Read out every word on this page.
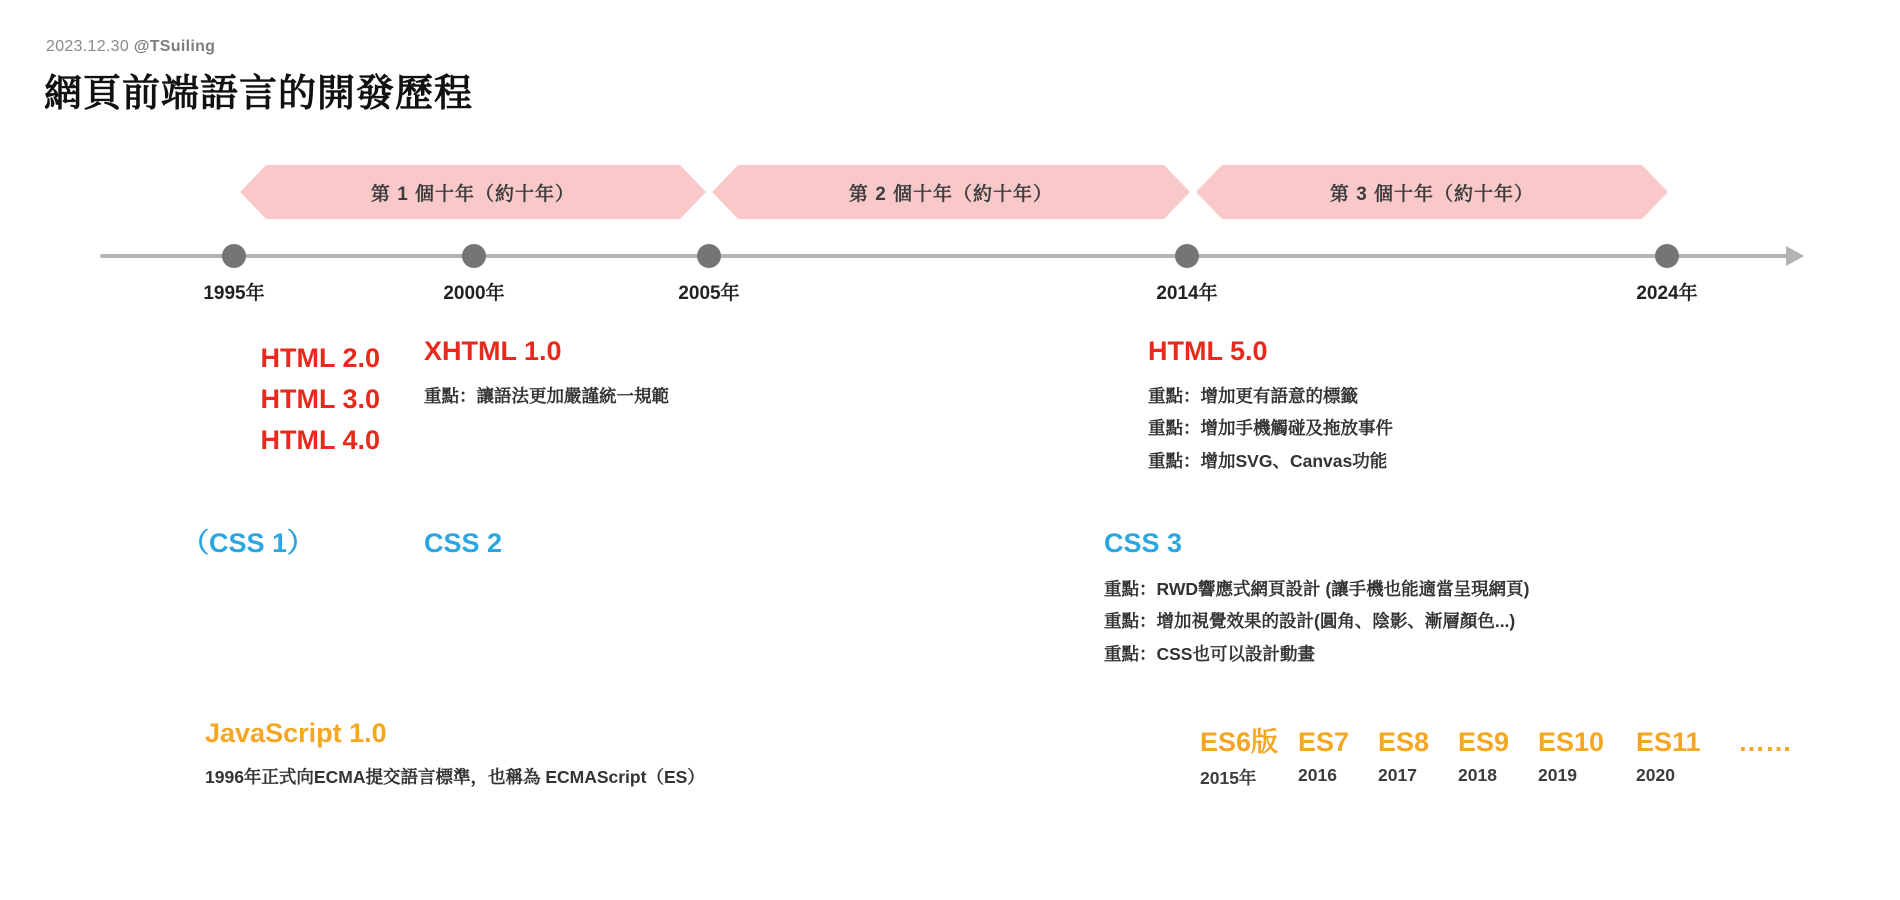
2023.12.30 @TSuiling
網頁前端語言的開發歷程
第 1 個十年（約十年）	第 2 個十年（約十年）	第 3 個十年（約十年）
1995年	2000年	2005年	2014年	2024年
HTML 2.0
HTML 3.0
HTML 4.0
XHTML 1.0
重點：讓語法更加嚴謹統一規範
HTML 5.0
重點：增加更有語意的標籤
重點：增加手機觸碰及拖放事件
重點：增加SVG、Canvas功能
（CSS 1）	CSS 2	CSS 3
重點：RWD響應式網頁設計 (讓手機也能適當呈現網頁)
重點：增加視覺效果的設計(圓角、陰影、漸層顏色...)
重點：CSS也可以設計動畫
JavaScript 1.0
1996年正式向ECMA提交語言標準，也稱為 ECMAScript（ES）
ES6版 ES7	ES8	ES9	ES10	ES11	……
2015年	2016	2017	2018	2019	2020
